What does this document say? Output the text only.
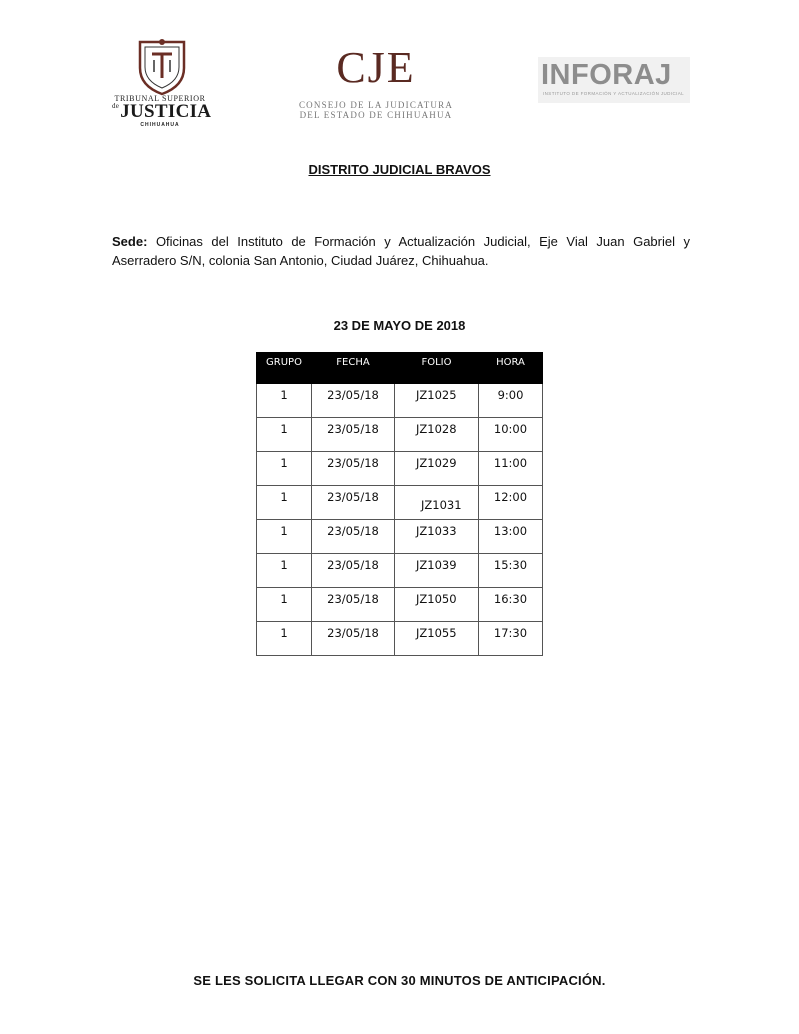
TRIBUNAL SUPERIOR
$^{de}$JUSTICIA
CHIHUAHUA
CJE
CONSEJO DE LA JUDICATURA
DEL ESTADO DE CHIHUAHUA
INFORAJ
INSTITUTO DE FORMACIÓN Y ACTUALIZACIÓN JUDICIAL
DISTRITO JUDICIAL BRAVOS
Sede: Oficinas del Instituto de Formación y Actualización Judicial, Eje Vial Juan Gabriel y Aserradero S/N, colonia San Antonio, Ciudad Juárez, Chihuahua.
23 DE MAYO DE 2018
GRUPO	FECHA	FOLIO	HORA
1	23/05/18	JZ1025	9:00
1	23/05/18	JZ1028	10:00
1	23/05/18	JZ1029	11:00
1	23/05/18	JZ1031	12:00
1	23/05/18	JZ1033	13:00
1	23/05/18	JZ1039	15:30
1	23/05/18	JZ1050	16:30
1	23/05/18	JZ1055	17:30
SE LES SOLICITA LLEGAR CON 30 MINUTOS DE ANTICIPACIÓN.
